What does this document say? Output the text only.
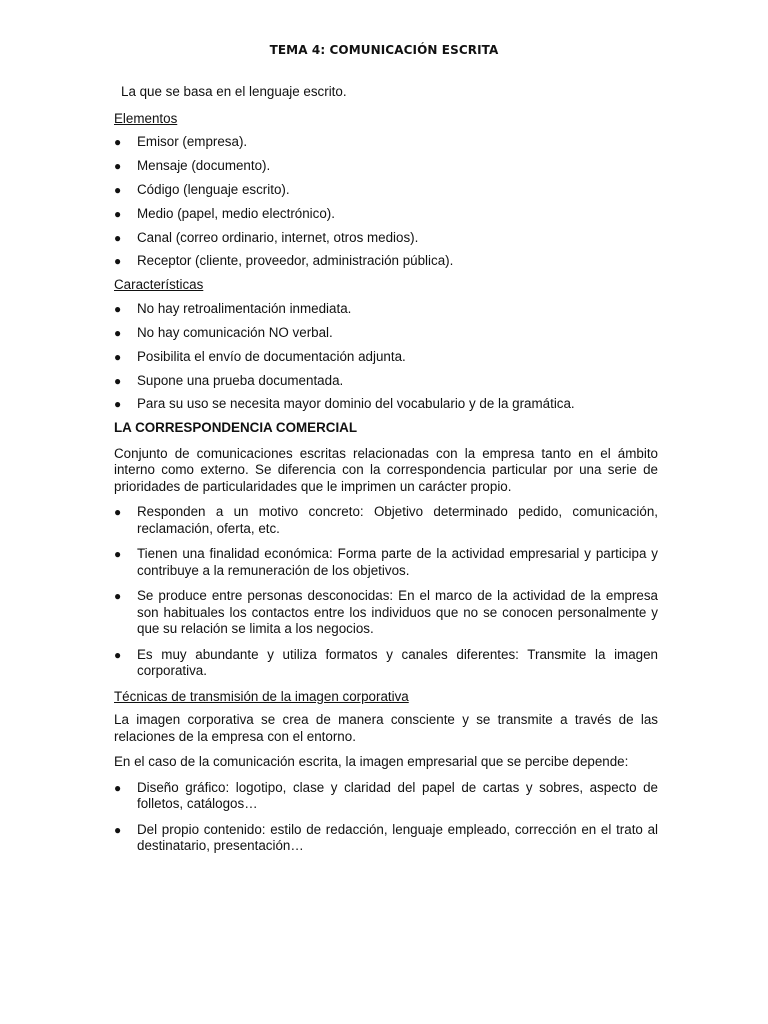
TEMA 4: COMUNICACIÓN ESCRITA

La que se basa en el lenguaje escrito.

Elementos

● Emisor (empresa).
● Mensaje (documento).
● Código (lenguaje escrito).
● Medio (papel, medio electrónico).
● Canal (correo ordinario, internet, otros medios).
● Receptor (cliente, proveedor, administración pública).

Características

● No hay retroalimentación inmediata.
● No hay comunicación NO verbal.
● Posibilita el envío de documentación adjunta.
● Supone una prueba documentada.
● Para su uso se necesita mayor dominio del vocabulario y de la gramática.

LA CORRESPONDENCIA COMERCIAL

Conjunto de comunicaciones escritas relacionadas con la empresa tanto en el ámbito interno como externo. Se diferencia con la correspondencia particular por una serie de prioridades de particularidades que le imprimen un carácter propio.

● Responden a un motivo concreto: Objetivo determinado pedido, comunicación, reclamación, oferta, etc.
● Tienen una finalidad económica: Forma parte de la actividad empresarial y participa y contribuye a la remuneración de los objetivos.
● Se produce entre personas desconocidas: En el marco de la actividad de la empresa son habituales los contactos entre los individuos que no se conocen personalmente y que su relación se limita a los negocios.
● Es muy abundante y utiliza formatos y canales diferentes: Transmite la imagen corporativa.

Técnicas de transmisión de la imagen corporativa

La imagen corporativa se crea de manera consciente y se transmite a través de las relaciones de la empresa con el entorno.

En el caso de la comunicación escrita, la imagen empresarial que se percibe depende:

● Diseño gráfico: logotipo, clase y claridad del papel de cartas y sobres, aspecto de folletos, catálogos…
● Del propio contenido: estilo de redacción, lenguaje empleado, corrección en el trato al destinatario, presentación…
